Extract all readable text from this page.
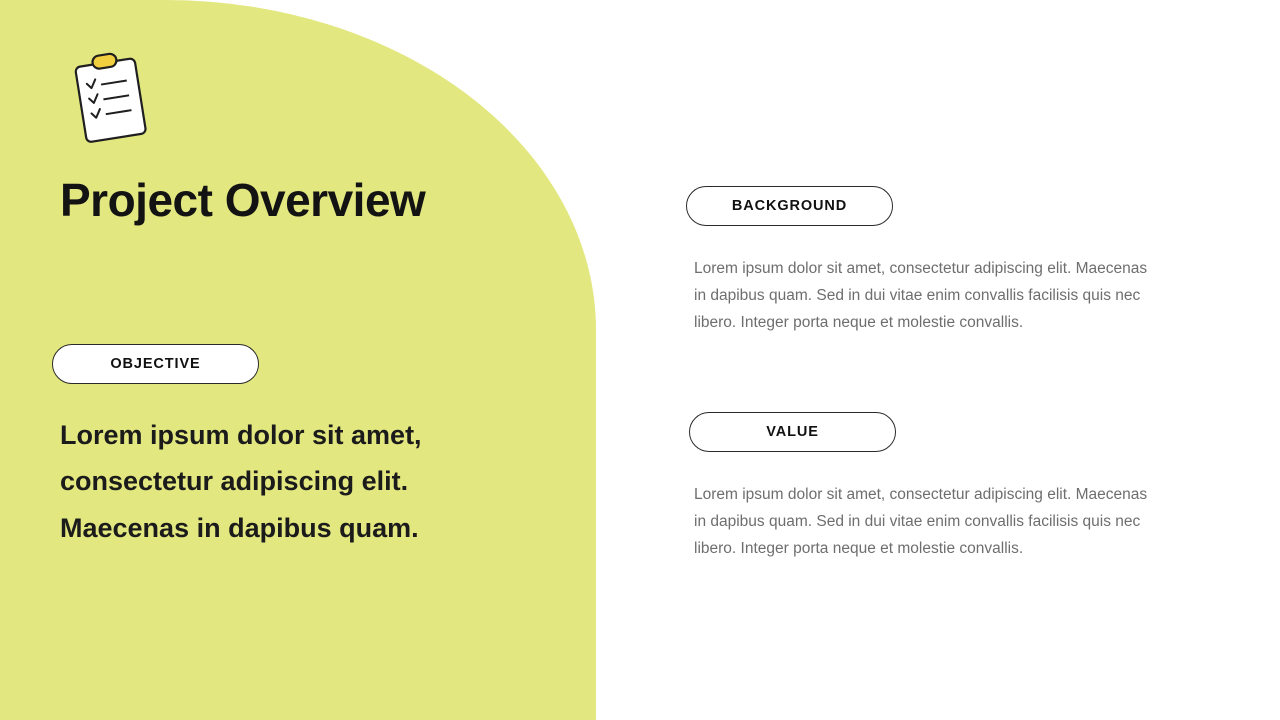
Project Overview
OBJECTIVE
Lorem ipsum dolor sit amet, consectetur adipiscing elit. Maecenas in dapibus quam.
BACKGROUND
Lorem ipsum dolor sit amet, consectetur adipiscing elit. Maecenas in dapibus quam. Sed in dui vitae enim convallis facilisis quis nec libero. Integer porta neque et molestie convallis.
VALUE
Lorem ipsum dolor sit amet, consectetur adipiscing elit. Maecenas in dapibus quam. Sed in dui vitae enim convallis facilisis quis nec libero. Integer porta neque et molestie convallis.
